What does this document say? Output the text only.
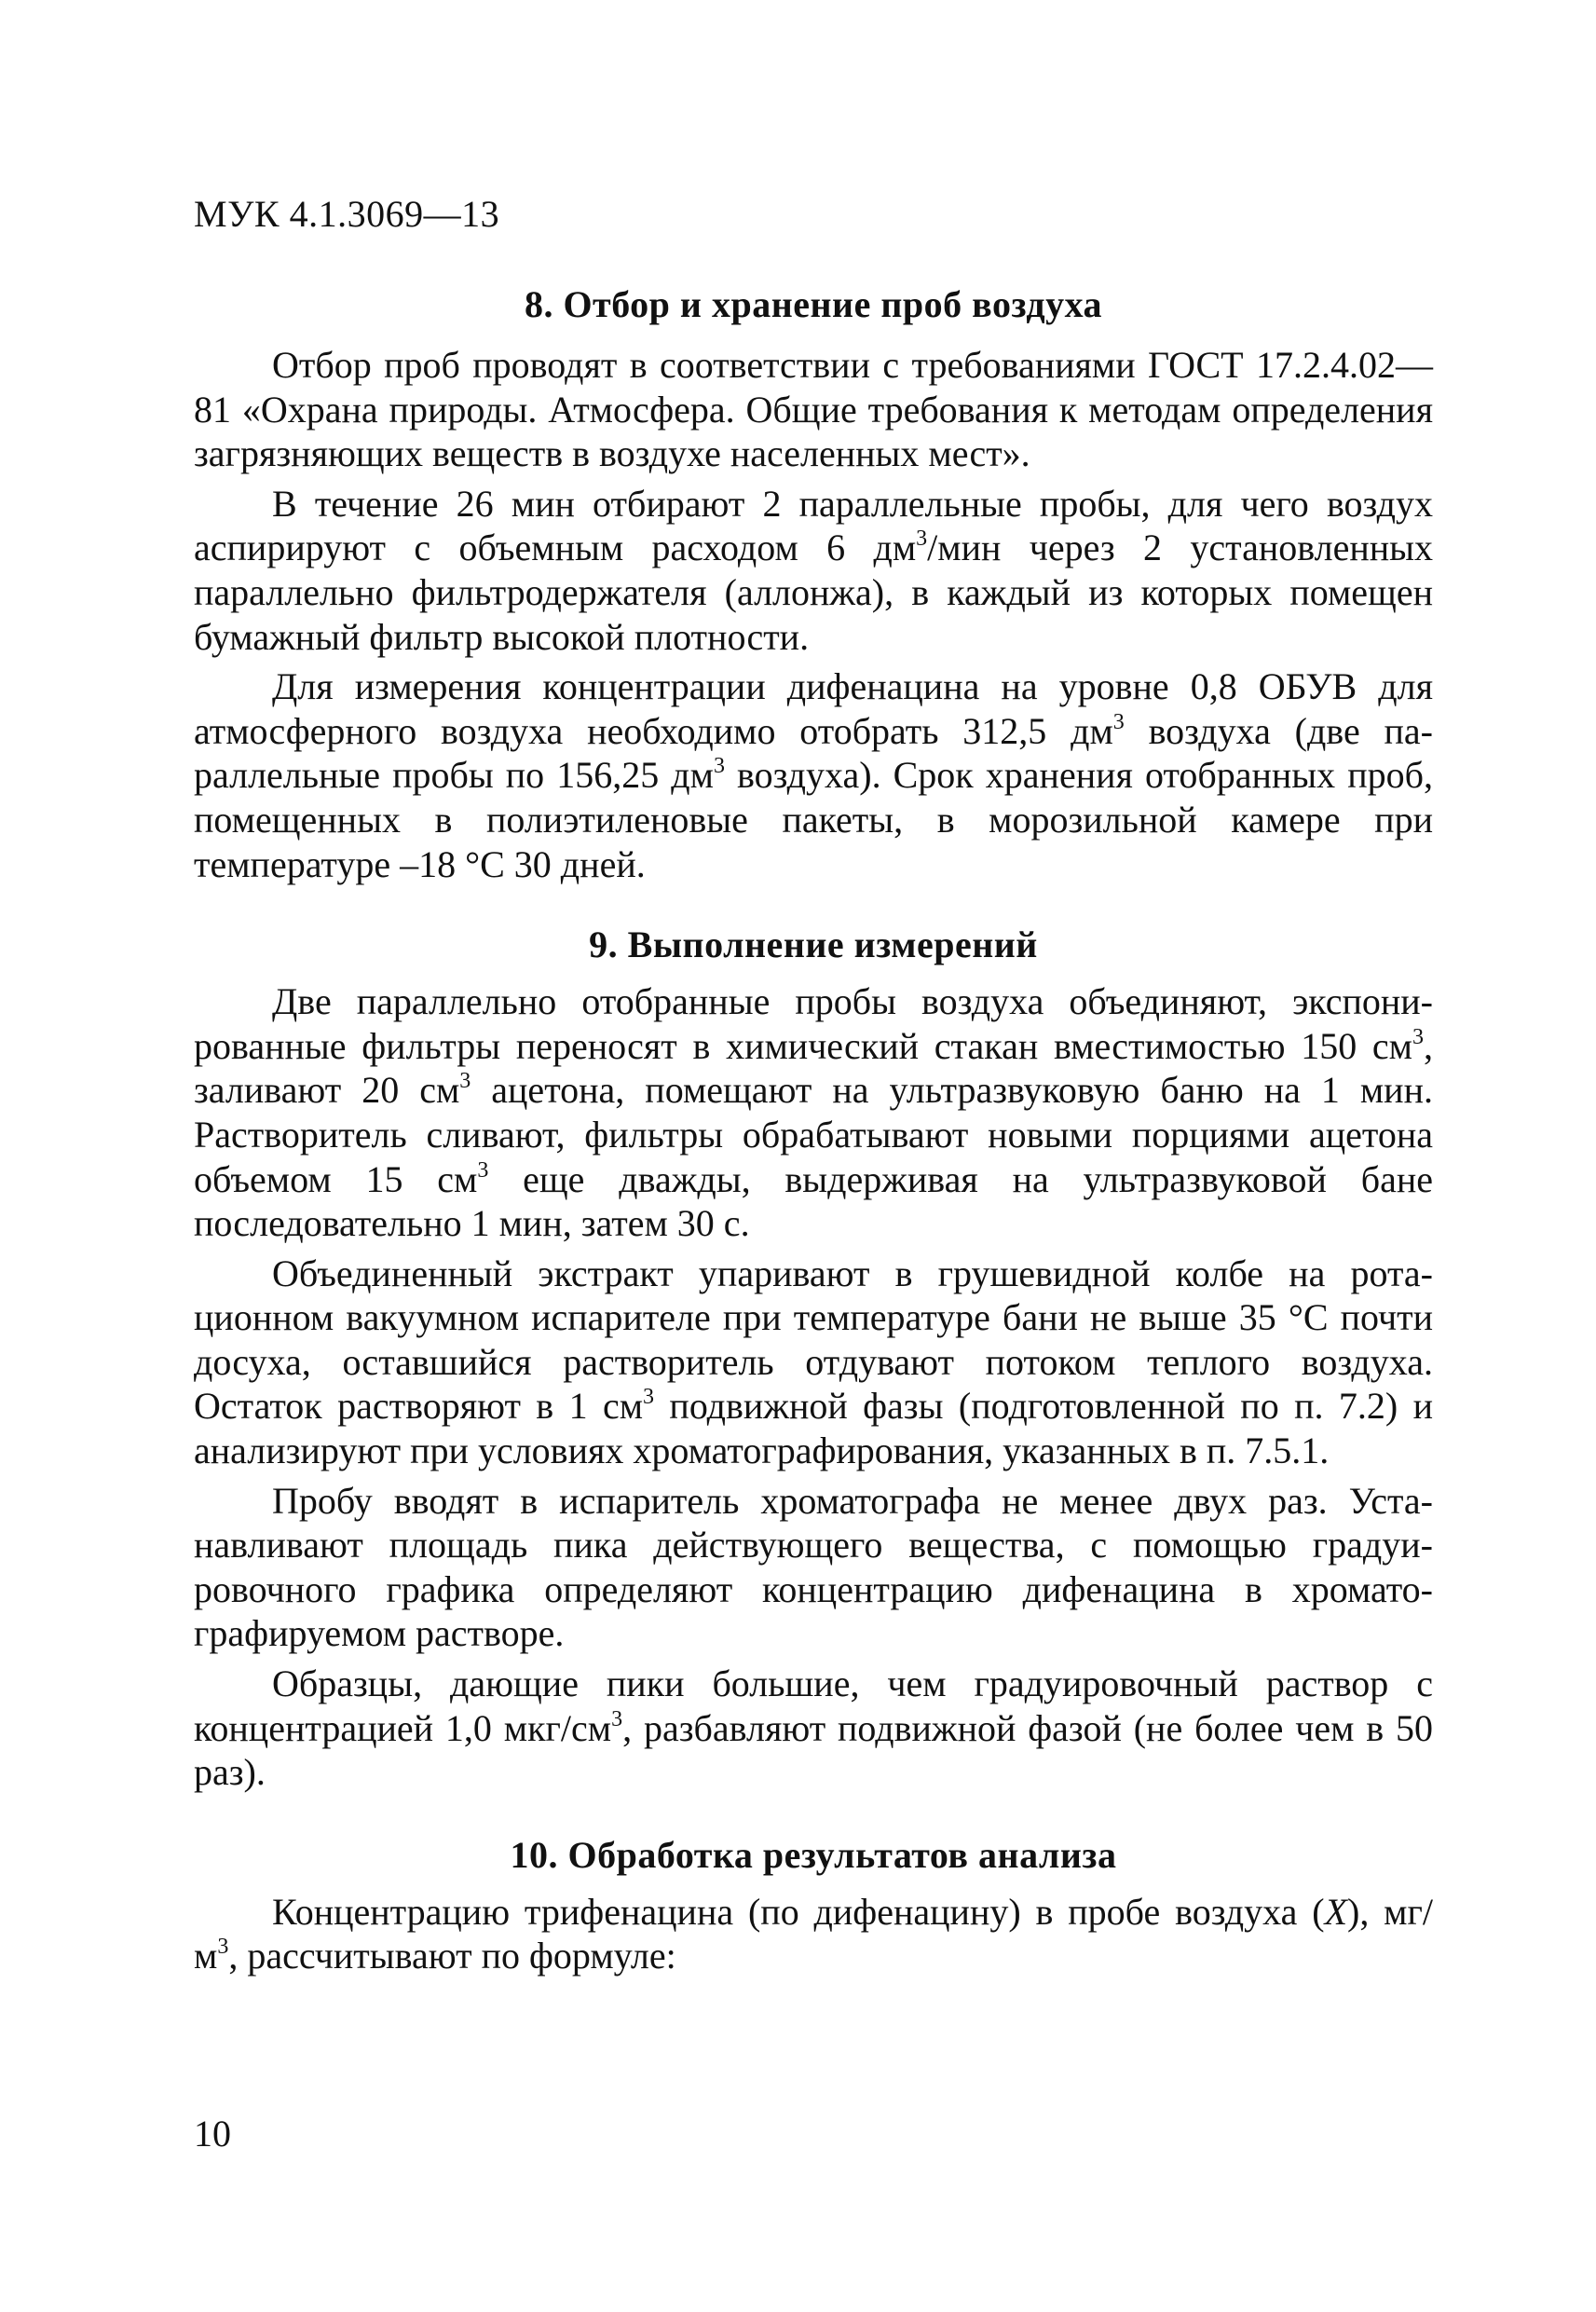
МУК 4.1.3069—13
8. Отбор и хранение проб воздуха

Отбор проб проводят в соответствии с требованиями ГОСТ 17.2.4.02—81 «Охрана природы. Атмосфера. Общие требования к методам определения загрязняющих веществ в воздухе населенных мест».

В течение 26 мин отбирают 2 параллельные пробы, для чего воздух аспирируют с объемным расходом 6 $дм^3$/мин через 2 установленных параллельно фильтродержателя (аллонжа), в каждый из которых помещен бумажный фильтр высокой плотности.

Для измерения концентрации дифенацина на уровне 0,8 ОБУВ для атмосферного воздуха необходимо отобрать 312,5 $дм^3$ воздуха (две параллельные пробы по 156,25 $дм^3$ воздуха). Срок хранения отобранных проб, помещенных в полиэтиленовые пакеты, в морозильной камере при температуре –18 °С 30 дней.

9. Выполнение измерений

Две параллельно отобранные пробы воздуха объединяют, экспонированные фильтры переносят в химический стакан вместимостью 150 $см^3$, заливают 20 $см^3$ ацетона, помещают на ультразвуковую баню на 1 мин. Растворитель сливают, фильтры обрабатывают новыми порциями ацетона объемом 15 $см^3$ еще дважды, выдерживая на ультразвуковой бане последовательно 1 мин, затем 30 с.

Объединенный экстракт упаривают в грушевидной колбе на ротационном вакуумном испарителе при температуре бани не выше 35 °С почти досуха, оставшийся растворитель отдувают потоком теплого воздуха. Остаток растворяют в 1 $см^3$ подвижной фазы (подготовленной по п. 7.2) и анализируют при условиях хроматографирования, указанных в п. 7.5.1.

Пробу вводят в испаритель хроматографа не менее двух раз. Устанавливают площадь пика действующего вещества, с помощью градуировочного графика определяют концентрацию дифенацина в хроматографируемом растворе.

Образцы, дающие пики большие, чем градуировочный раствор с концентрацией 1,0 мкг/$см^3$, разбавляют подвижной фазой (не более чем в 50 раз).

10. Обработка результатов анализа

Концентрацию трифенацина (по дифенацину) в пробе воздуха (X), $мг/м^3$, рассчитывают по формуле:

10
